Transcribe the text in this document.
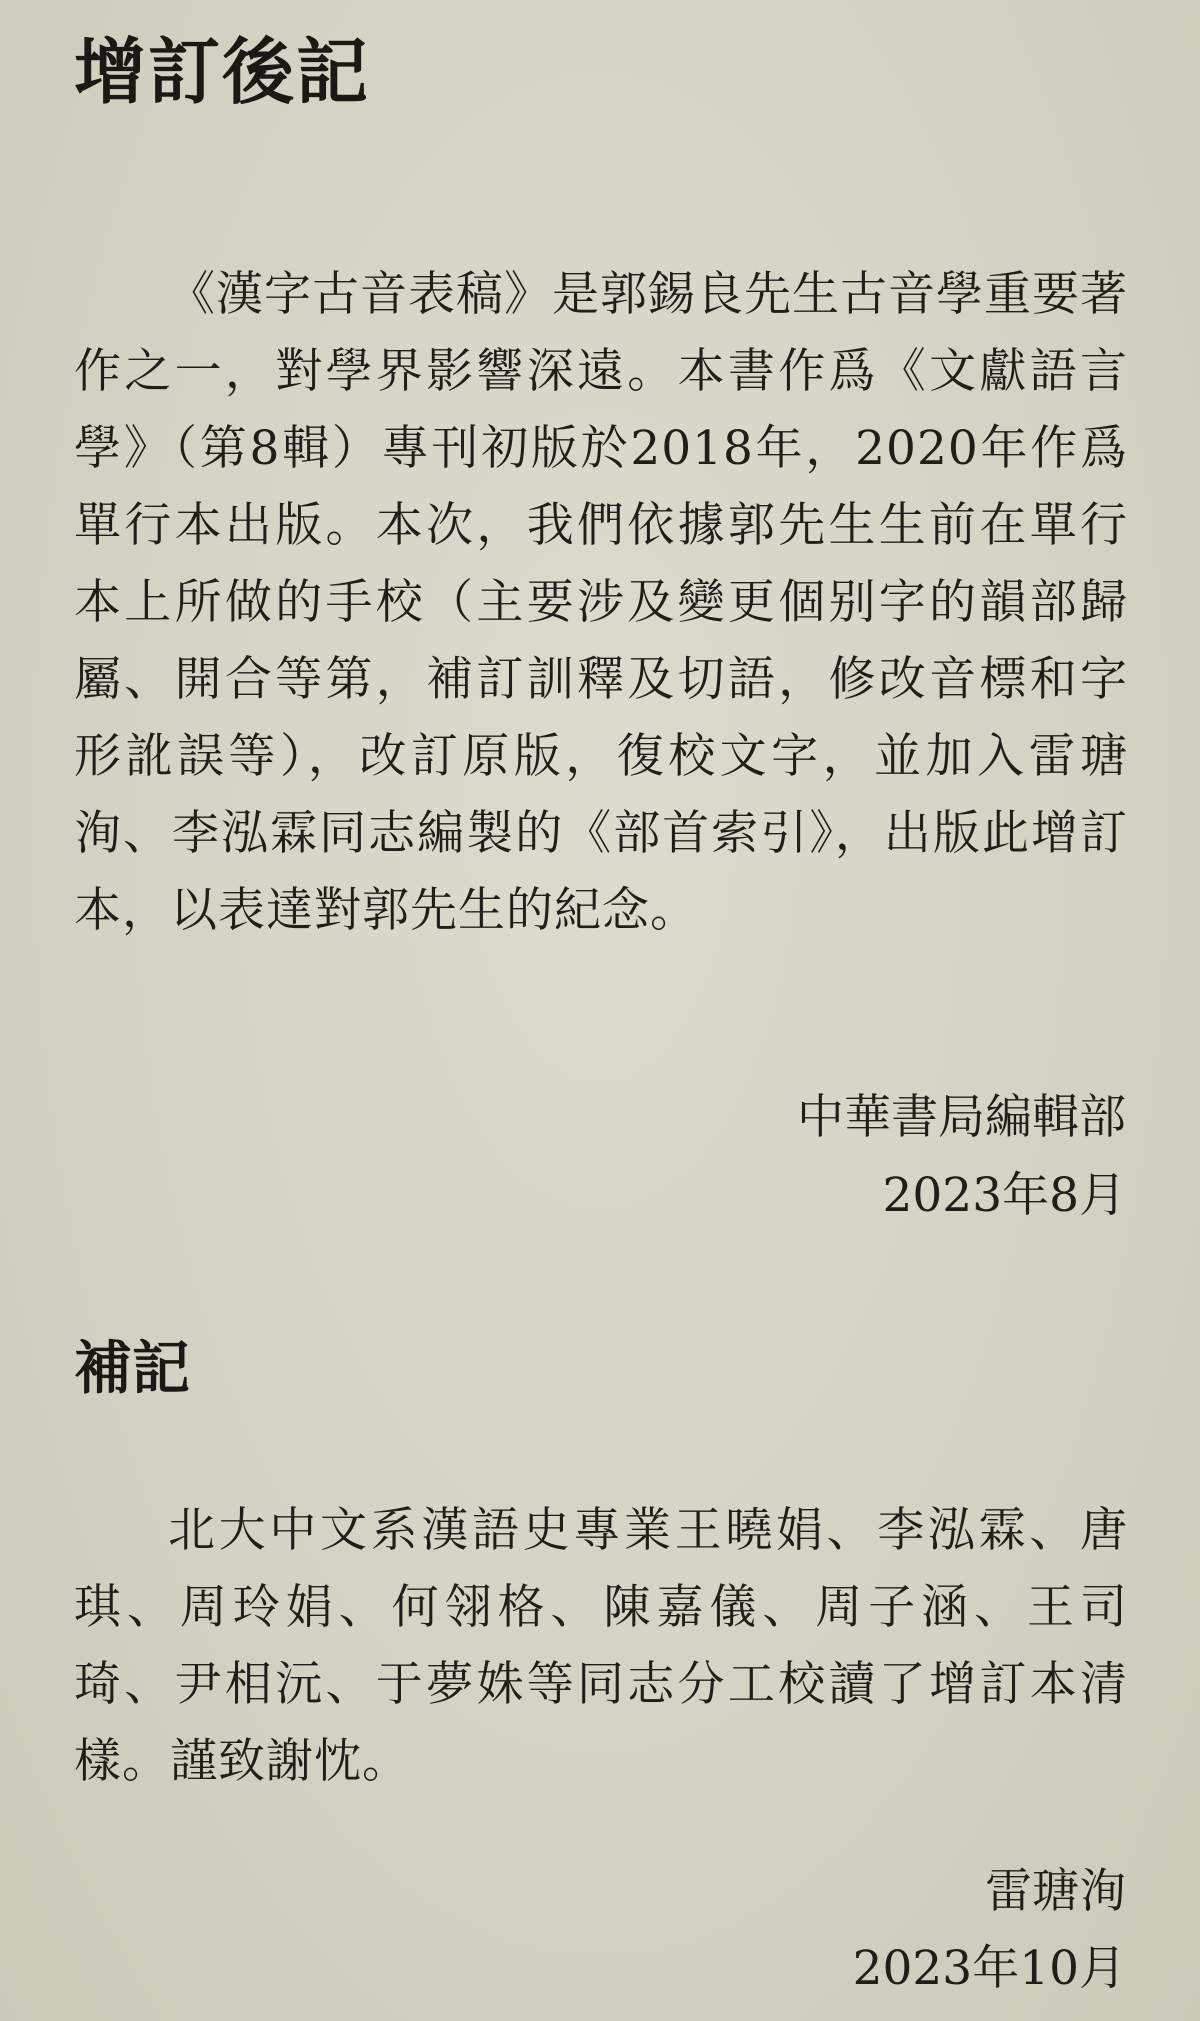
增訂後記

《漢字古音表稿》是郭錫良先生古音學重要著作之一，對學界影響深遠。本書作爲《文獻語言學》（第8輯）專刊初版於2018年，2020年作爲單行本出版。本次，我們依據郭先生生前在單行本上所做的手校（主要涉及變更個别字的韻部歸屬、開合等第，補訂訓釋及切語，修改音標和字形訛誤等），改訂原版，復校文字，並加入雷瑭洵、李泓霖同志編製的《部首索引》，出版此增訂本，以表達對郭先生的紀念。

中華書局編輯部

2023年8月

補記

北大中文系漢語史專業王曉娟、李泓霖、唐琪、周玲娟、何翎格、陳嘉儀、周子涵、王司琦、尹相沅、于夢姝等同志分工校讀了增訂本清樣。謹致謝忱。

雷瑭洵

2023年10月
